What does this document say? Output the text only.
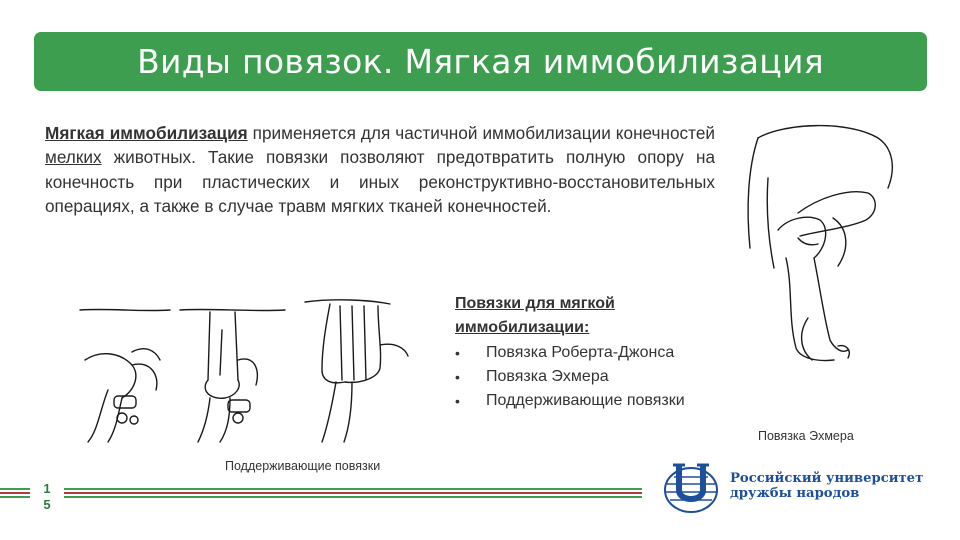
Виды повязок. Мягкая иммобилизация

Мягкая иммобилизация применяется для частичной иммобилизации конечностей мелких животных. Такие повязки позволяют предотвратить полную опору на конечность при пластических и иных реконструктивно-восстановительных операциях, а также в случае травм мягких тканей конечностей.

Поддерживающие повязки
Повязка Эхмера
Повязки для мягкой иммобилизации:
• Повязка Роберта-Джонса
• Повязка Эхмера
• Поддерживающие повязки
1
5
Российский университет
дружбы народов
